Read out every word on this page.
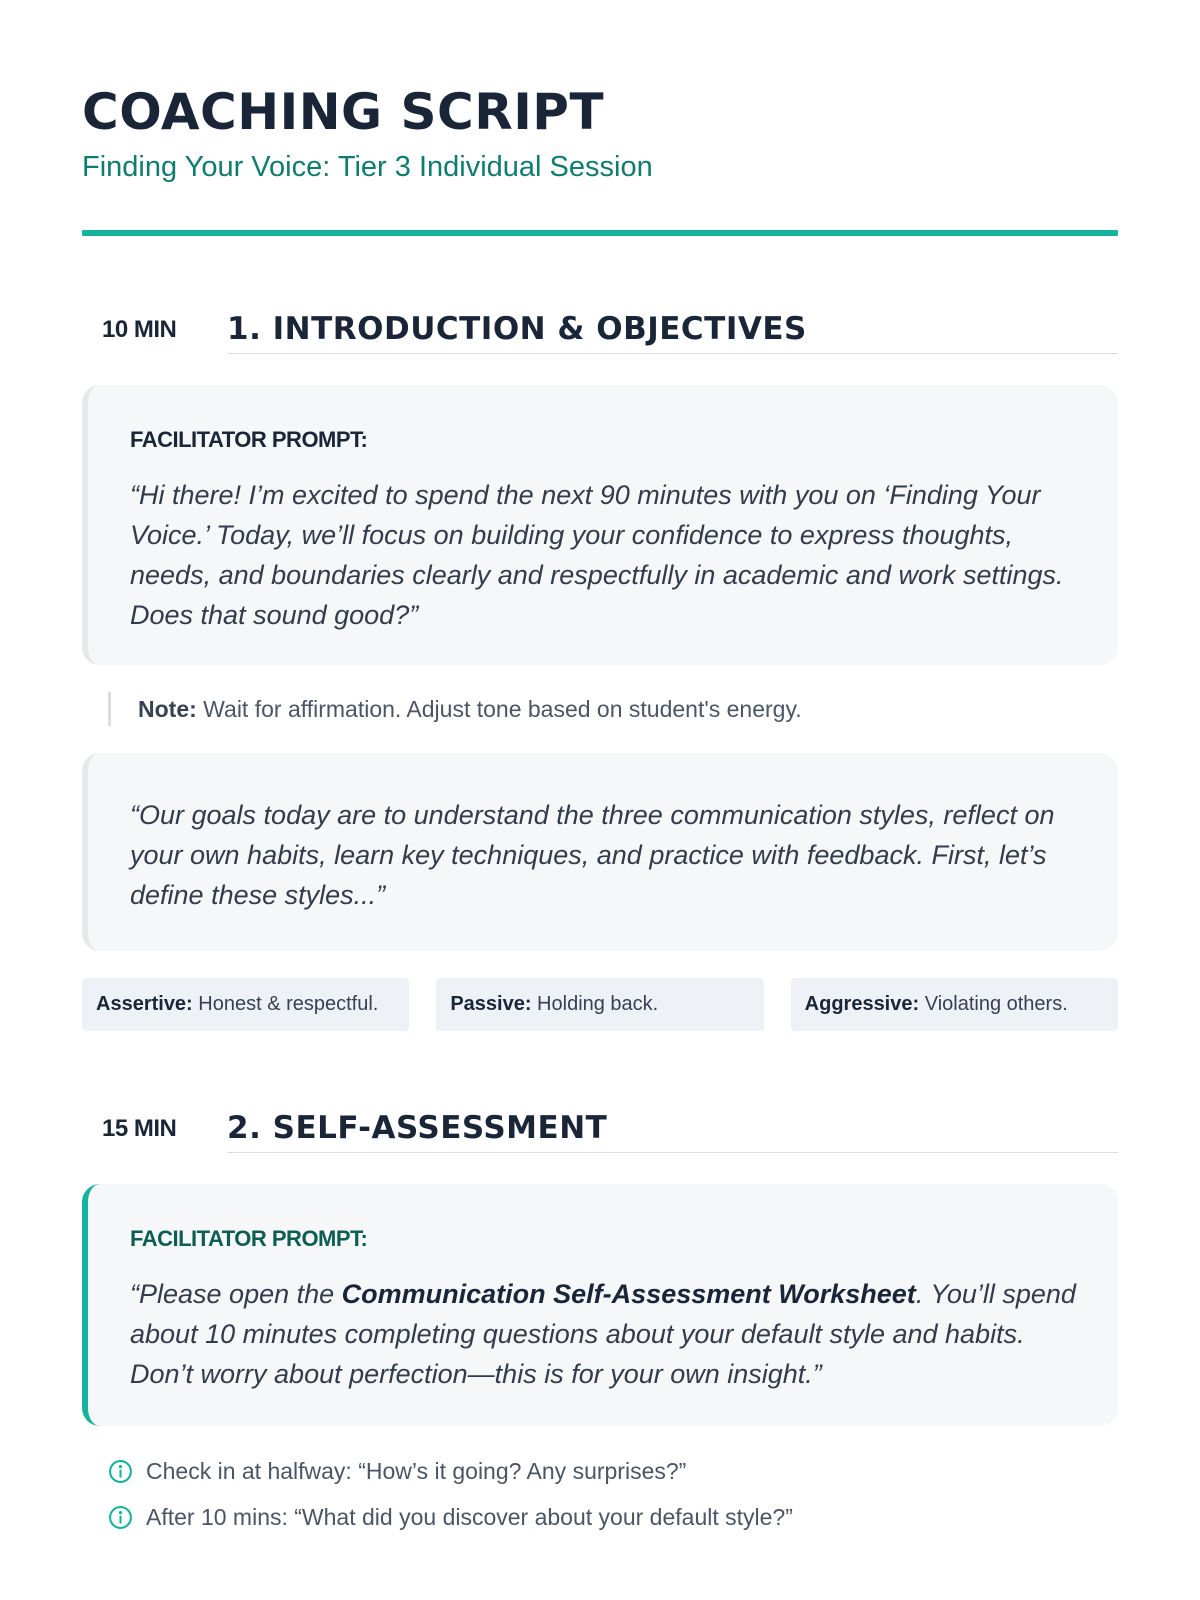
COACHING SCRIPT
Finding Your Voice: Tier 3 Individual Session
10 MIN	1. INTRODUCTION & OBJECTIVES
FACILITATOR PROMPT:
“Hi there! I’m excited to spend the next 90 minutes with you on ‘Finding Your Voice.’ Today, we’ll focus on building your confidence to express thoughts, needs, and boundaries clearly and respectfully in academic and work settings. Does that sound good?”
Note: Wait for affirmation. Adjust tone based on student's energy.
“Our goals today are to understand the three communication styles, reflect on your own habits, learn key techniques, and practice with feedback. First, let’s define these styles...”
Assertive: Honest & respectful.	Passive: Holding back.	Aggressive: Violating others.
15 MIN	2. SELF-ASSESSMENT
FACILITATOR PROMPT:
“Please open the Communication Self-Assessment Worksheet. You’ll spend about 10 minutes completing questions about your default style and habits. Don’t worry about perfection—this is for your own insight.”
Check in at halfway: “How’s it going? Any surprises?”
After 10 mins: “What did you discover about your default style?”
